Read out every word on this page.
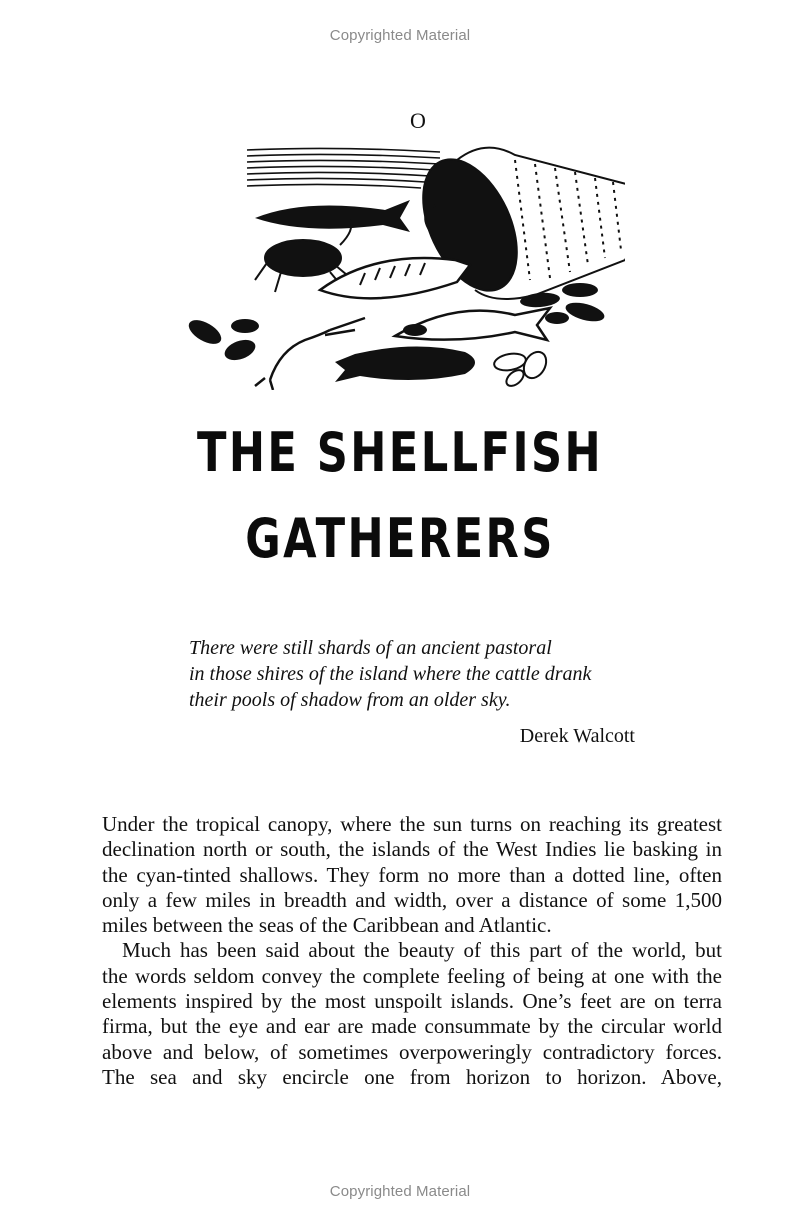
Copyrighted Material
O
THE SHELLFISH
GATHERERS
There were still shards of an ancient pastoral
in those shires of the island where the cattle drank
their pools of shadow from an older sky.
Derek Walcott
Under the tropical canopy, where the sun turns on reaching its greatest
declination north or south, the islands of the West Indies lie basking in
the cyan-tinted shallows. They form no more than a dotted line, often
only a few miles in breadth and width, over a distance of some 1,500
miles between the seas of the Caribbean and Atlantic.
Much has been said about the beauty of this part of the world, but
the words seldom convey the complete feeling of being at one with the
elements inspired by the most unspoilt islands. One’s feet are on terra
firma, but the eye and ear are made consummate by the circular world
above and below, of sometimes overpoweringly contradictory forces.
The sea and sky encircle one from horizon to horizon. Above,
Copyrighted Material
